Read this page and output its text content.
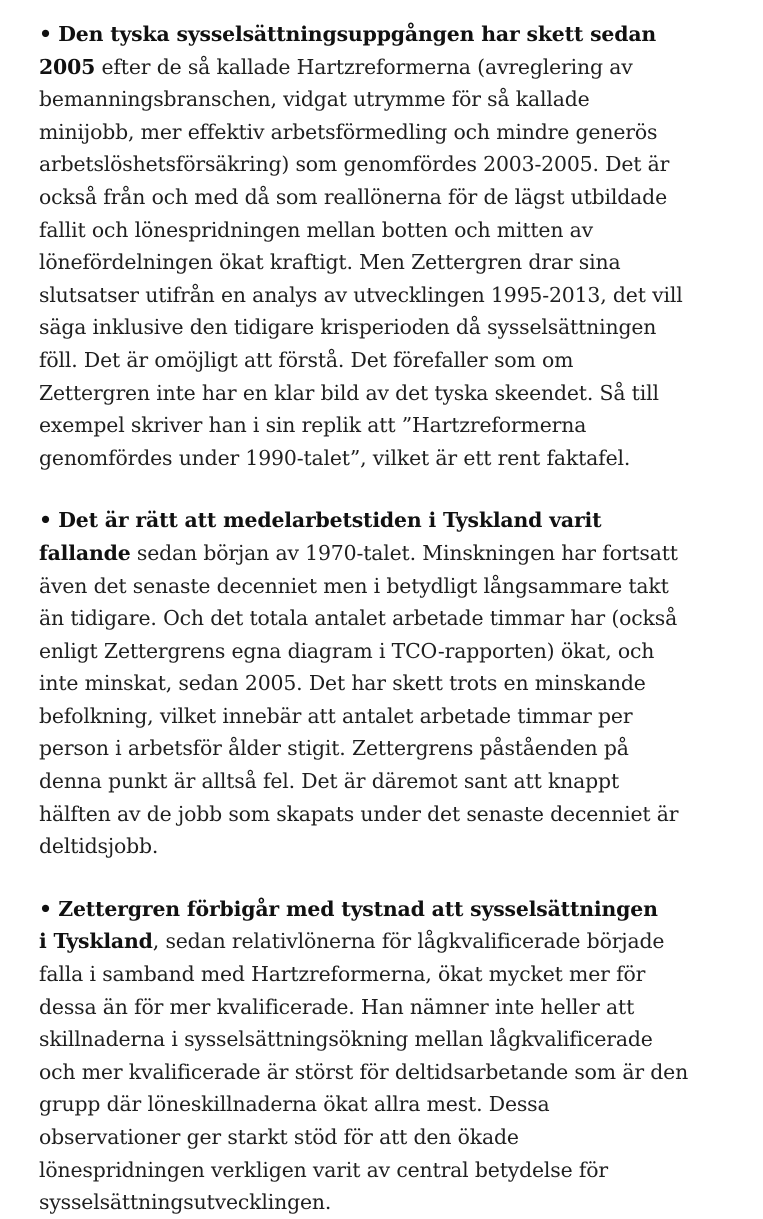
• Den tyska sysselsättningsuppgången har skett sedan
2005 efter de så kallade Hartzreformerna (avreglering av
bemanningsbranschen, vidgat utrymme för så kallade
minijobb, mer effektiv arbetsförmedling och mindre generös
arbetslöshetsförsäkring) som genomfördes 2003-2005. Det är
också från och med då som reallönerna för de lägst utbildade
fallit och lönespridningen mellan botten och mitten av
lönefördelningen ökat kraftigt. Men Zettergren drar sina
slutsatser utifrån en analys av utvecklingen 1995-2013, det vill
säga inklusive den tidigare krisperioden då sysselsättningen
föll. Det är omöjligt att förstå. Det förefaller som om
Zettergren inte har en klar bild av det tyska skeendet. Så till
exempel skriver han i sin replik att ”Hartzreformerna
genomfördes under 1990-talet”, vilket är ett rent faktafel.

• Det är rätt att medelarbetstiden i Tyskland varit
fallande sedan början av 1970-talet. Minskningen har fortsatt
även det senaste decenniet men i betydligt långsammare takt
än tidigare. Och det totala antalet arbetade timmar har (också
enligt Zettergrens egna diagram i TCO-rapporten) ökat, och
inte minskat, sedan 2005. Det har skett trots en minskande
befolkning, vilket innebär att antalet arbetade timmar per
person i arbetsför ålder stigit. Zettergrens påståenden på
denna punkt är alltså fel. Det är däremot sant att knappt
hälften av de jobb som skapats under det senaste decenniet är
deltidsjobb.

• Zettergren förbigår med tystnad att sysselsättningen
i Tyskland, sedan relativlönerna för lågkvalificerade började
falla i samband med Hartzreformerna, ökat mycket mer för
dessa än för mer kvalificerade. Han nämner inte heller att
skillnaderna i sysselsättningsökning mellan lågkvalificerade
och mer kvalificerade är störst för deltidsarbetande som är den
grupp där löneskillnaderna ökat allra mest. Dessa
observationer ger starkt stöd för att den ökade
lönespridningen verkligen varit av central betydelse för
sysselsättningsutvecklingen.
